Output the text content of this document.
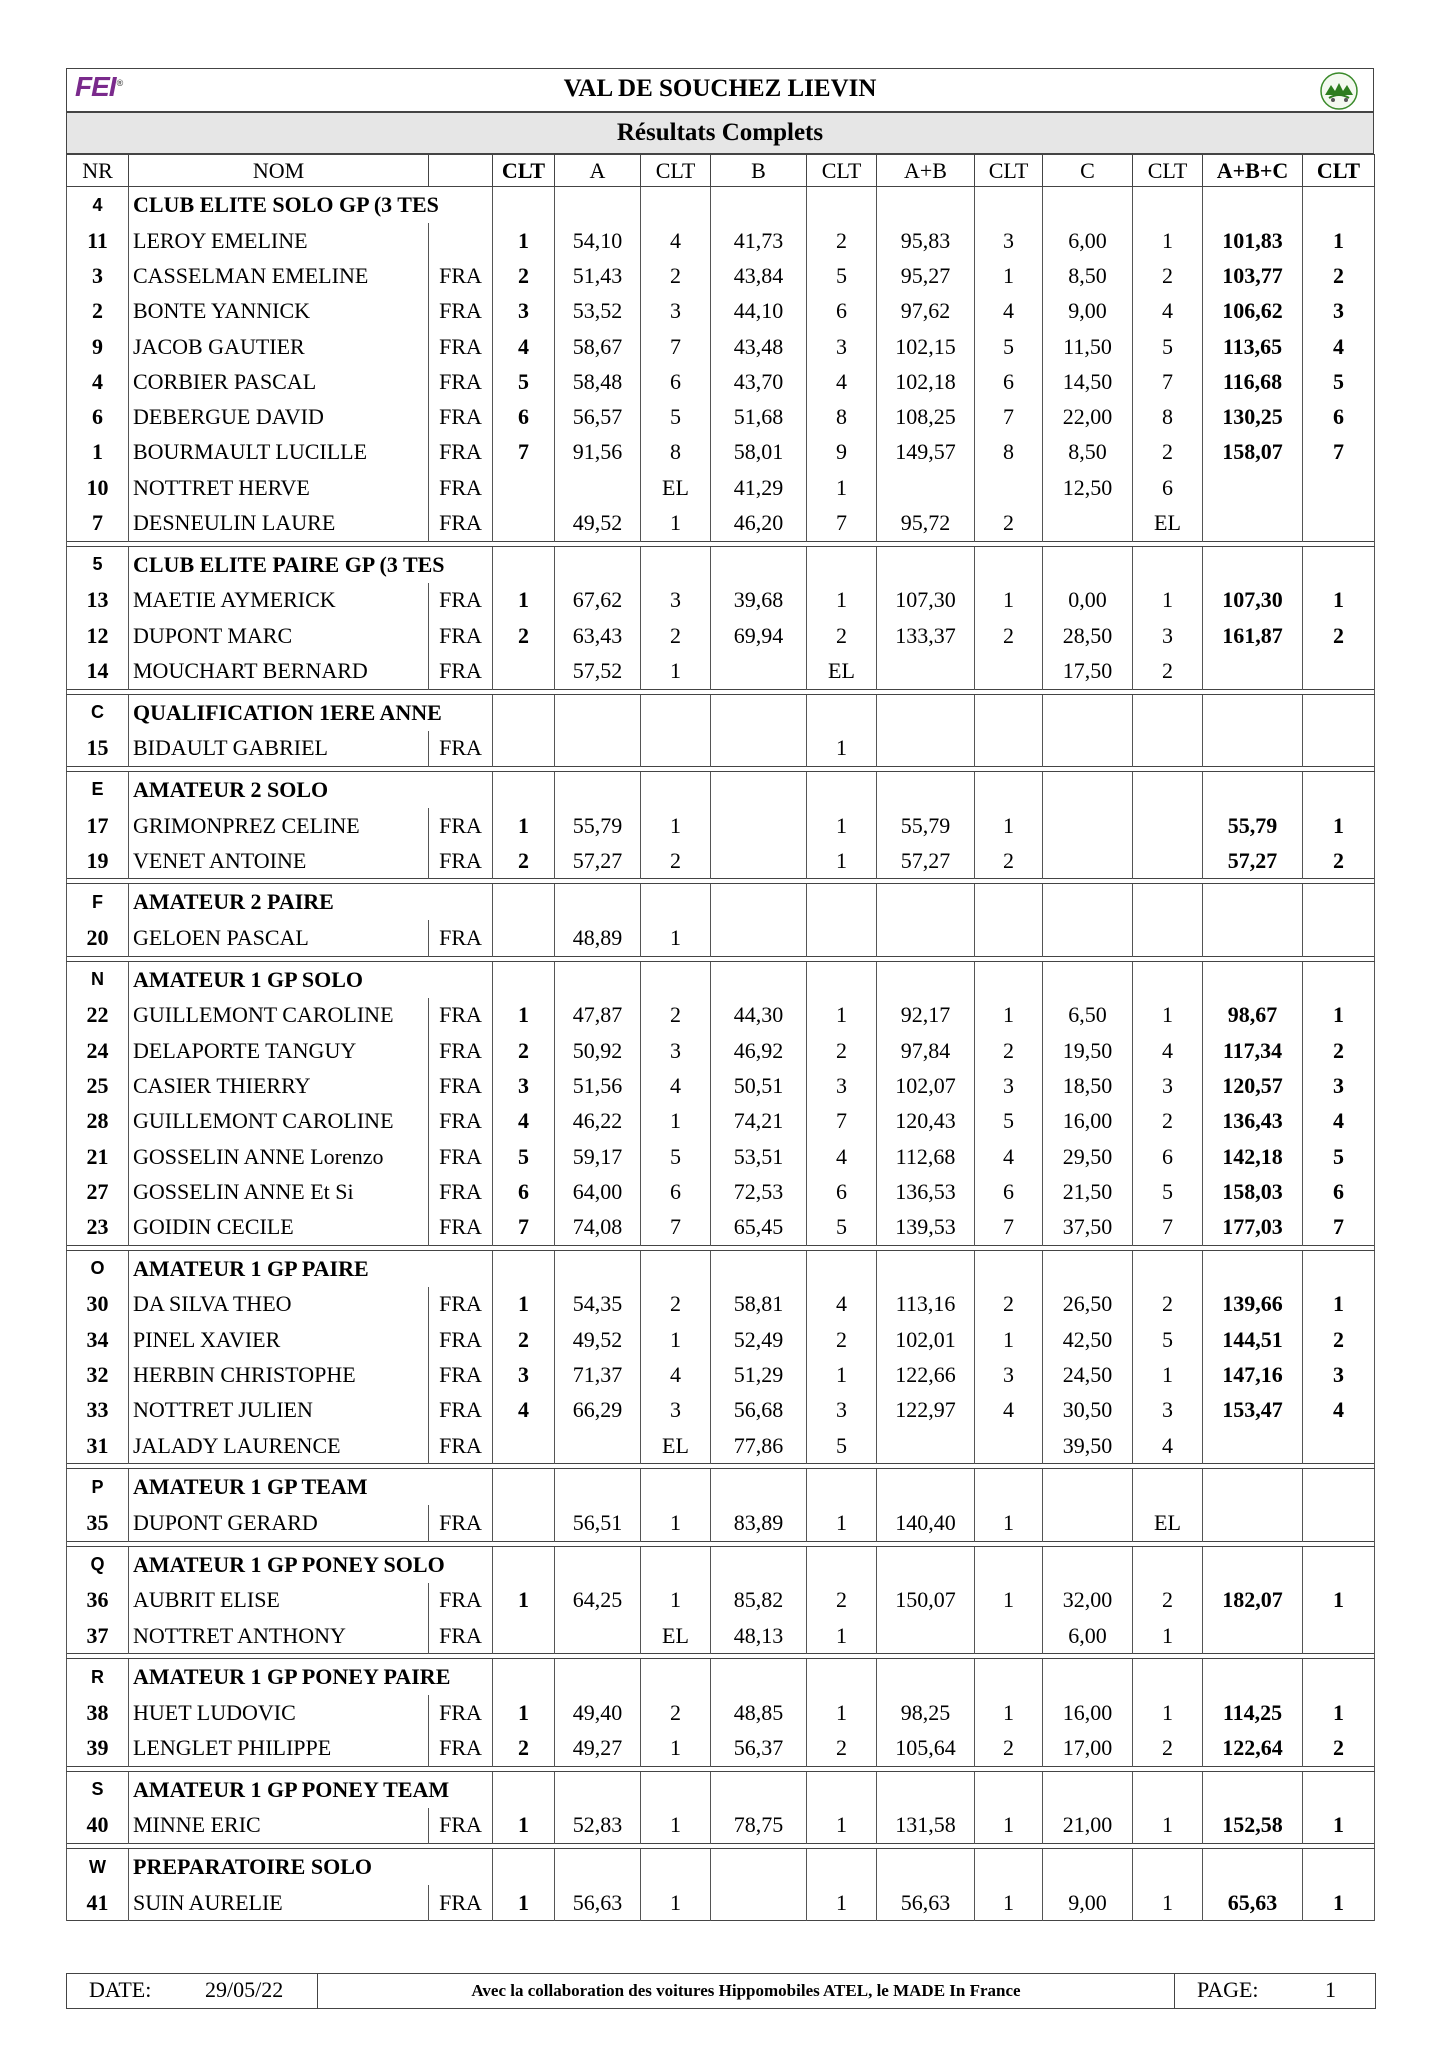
FEI®	VAL DE SOUCHEZ LIEVIN
Résultats Complets
NR	NOM		CLT	A	CLT	B	CLT	A+B	CLT	C	CLT	A+B+C	CLT
4	CLUB ELITE SOLO GP (3 TES												
11	LEROY EMELINE		1	54,10	4	41,73	2	95,83	3	6,00	1	101,83	1
3	CASSELMAN EMELINE	FRA	2	51,43	2	43,84	5	95,27	1	8,50	2	103,77	2
2	BONTE YANNICK	FRA	3	53,52	3	44,10	6	97,62	4	9,00	4	106,62	3
9	JACOB GAUTIER	FRA	4	58,67	7	43,48	3	102,15	5	11,50	5	113,65	4
4	CORBIER PASCAL	FRA	5	58,48	6	43,70	4	102,18	6	14,50	7	116,68	5
6	DEBERGUE DAVID	FRA	6	56,57	5	51,68	8	108,25	7	22,00	8	130,25	6
1	BOURMAULT LUCILLE	FRA	7	91,56	8	58,01	9	149,57	8	8,50	2	158,07	7
10	NOTTRET HERVE	FRA			EL	41,29	1			12,50	6		
7	DESNEULIN LAURE	FRA		49,52	1	46,20	7	95,72	2		EL		

5	CLUB ELITE PAIRE GP (3 TES												
13	MAETIE AYMERICK	FRA	1	67,62	3	39,68	1	107,30	1	0,00	1	107,30	1
12	DUPONT MARC	FRA	2	63,43	2	69,94	2	133,37	2	28,50	3	161,87	2
14	MOUCHART BERNARD	FRA		57,52	1		EL			17,50	2		

C	QUALIFICATION 1ERE ANNE												
15	BIDAULT GABRIEL	FRA					1						

E	AMATEUR 2 SOLO												
17	GRIMONPREZ CELINE	FRA	1	55,79	1		1	55,79	1			55,79	1
19	VENET ANTOINE	FRA	2	57,27	2		1	57,27	2			57,27	2

F	AMATEUR 2 PAIRE												
20	GELOEN PASCAL	FRA		48,89	1								

N	AMATEUR 1 GP SOLO												
22	GUILLEMONT CAROLINE	FRA	1	47,87	2	44,30	1	92,17	1	6,50	1	98,67	1
24	DELAPORTE TANGUY	FRA	2	50,92	3	46,92	2	97,84	2	19,50	4	117,34	2
25	CASIER THIERRY	FRA	3	51,56	4	50,51	3	102,07	3	18,50	3	120,57	3
28	GUILLEMONT CAROLINE	FRA	4	46,22	1	74,21	7	120,43	5	16,00	2	136,43	4
21	GOSSELIN ANNE Lorenzo	FRA	5	59,17	5	53,51	4	112,68	4	29,50	6	142,18	5
27	GOSSELIN ANNE Et Si	FRA	6	64,00	6	72,53	6	136,53	6	21,50	5	158,03	6
23	GOIDIN CECILE	FRA	7	74,08	7	65,45	5	139,53	7	37,50	7	177,03	7

O	AMATEUR 1 GP PAIRE												
30	DA SILVA THEO	FRA	1	54,35	2	58,81	4	113,16	2	26,50	2	139,66	1
34	PINEL XAVIER	FRA	2	49,52	1	52,49	2	102,01	1	42,50	5	144,51	2
32	HERBIN CHRISTOPHE	FRA	3	71,37	4	51,29	1	122,66	3	24,50	1	147,16	3
33	NOTTRET JULIEN	FRA	4	66,29	3	56,68	3	122,97	4	30,50	3	153,47	4
31	JALADY LAURENCE	FRA			EL	77,86	5			39,50	4		

P	AMATEUR 1 GP TEAM												
35	DUPONT GERARD	FRA		56,51	1	83,89	1	140,40	1		EL		

Q	AMATEUR 1 GP PONEY SOLO												
36	AUBRIT ELISE	FRA	1	64,25	1	85,82	2	150,07	1	32,00	2	182,07	1
37	NOTTRET ANTHONY	FRA			EL	48,13	1			6,00	1		

R	AMATEUR 1 GP PONEY PAIRE												
38	HUET LUDOVIC	FRA	1	49,40	2	48,85	1	98,25	1	16,00	1	114,25	1
39	LENGLET PHILIPPE	FRA	2	49,27	1	56,37	2	105,64	2	17,00	2	122,64	2

S	AMATEUR 1 GP PONEY TEAM												
40	MINNE ERIC	FRA	1	52,83	1	78,75	1	131,58	1	21,00	1	152,58	1

W	PREPARATOIRE SOLO												
41	SUIN AURELIE	FRA	1	56,63	1		1	56,63	1	9,00	1	65,63	1
DATE: 29/05/22	Avec la collaboration des voitures Hippomobiles ATEL, le MADE In France	PAGE:	1
